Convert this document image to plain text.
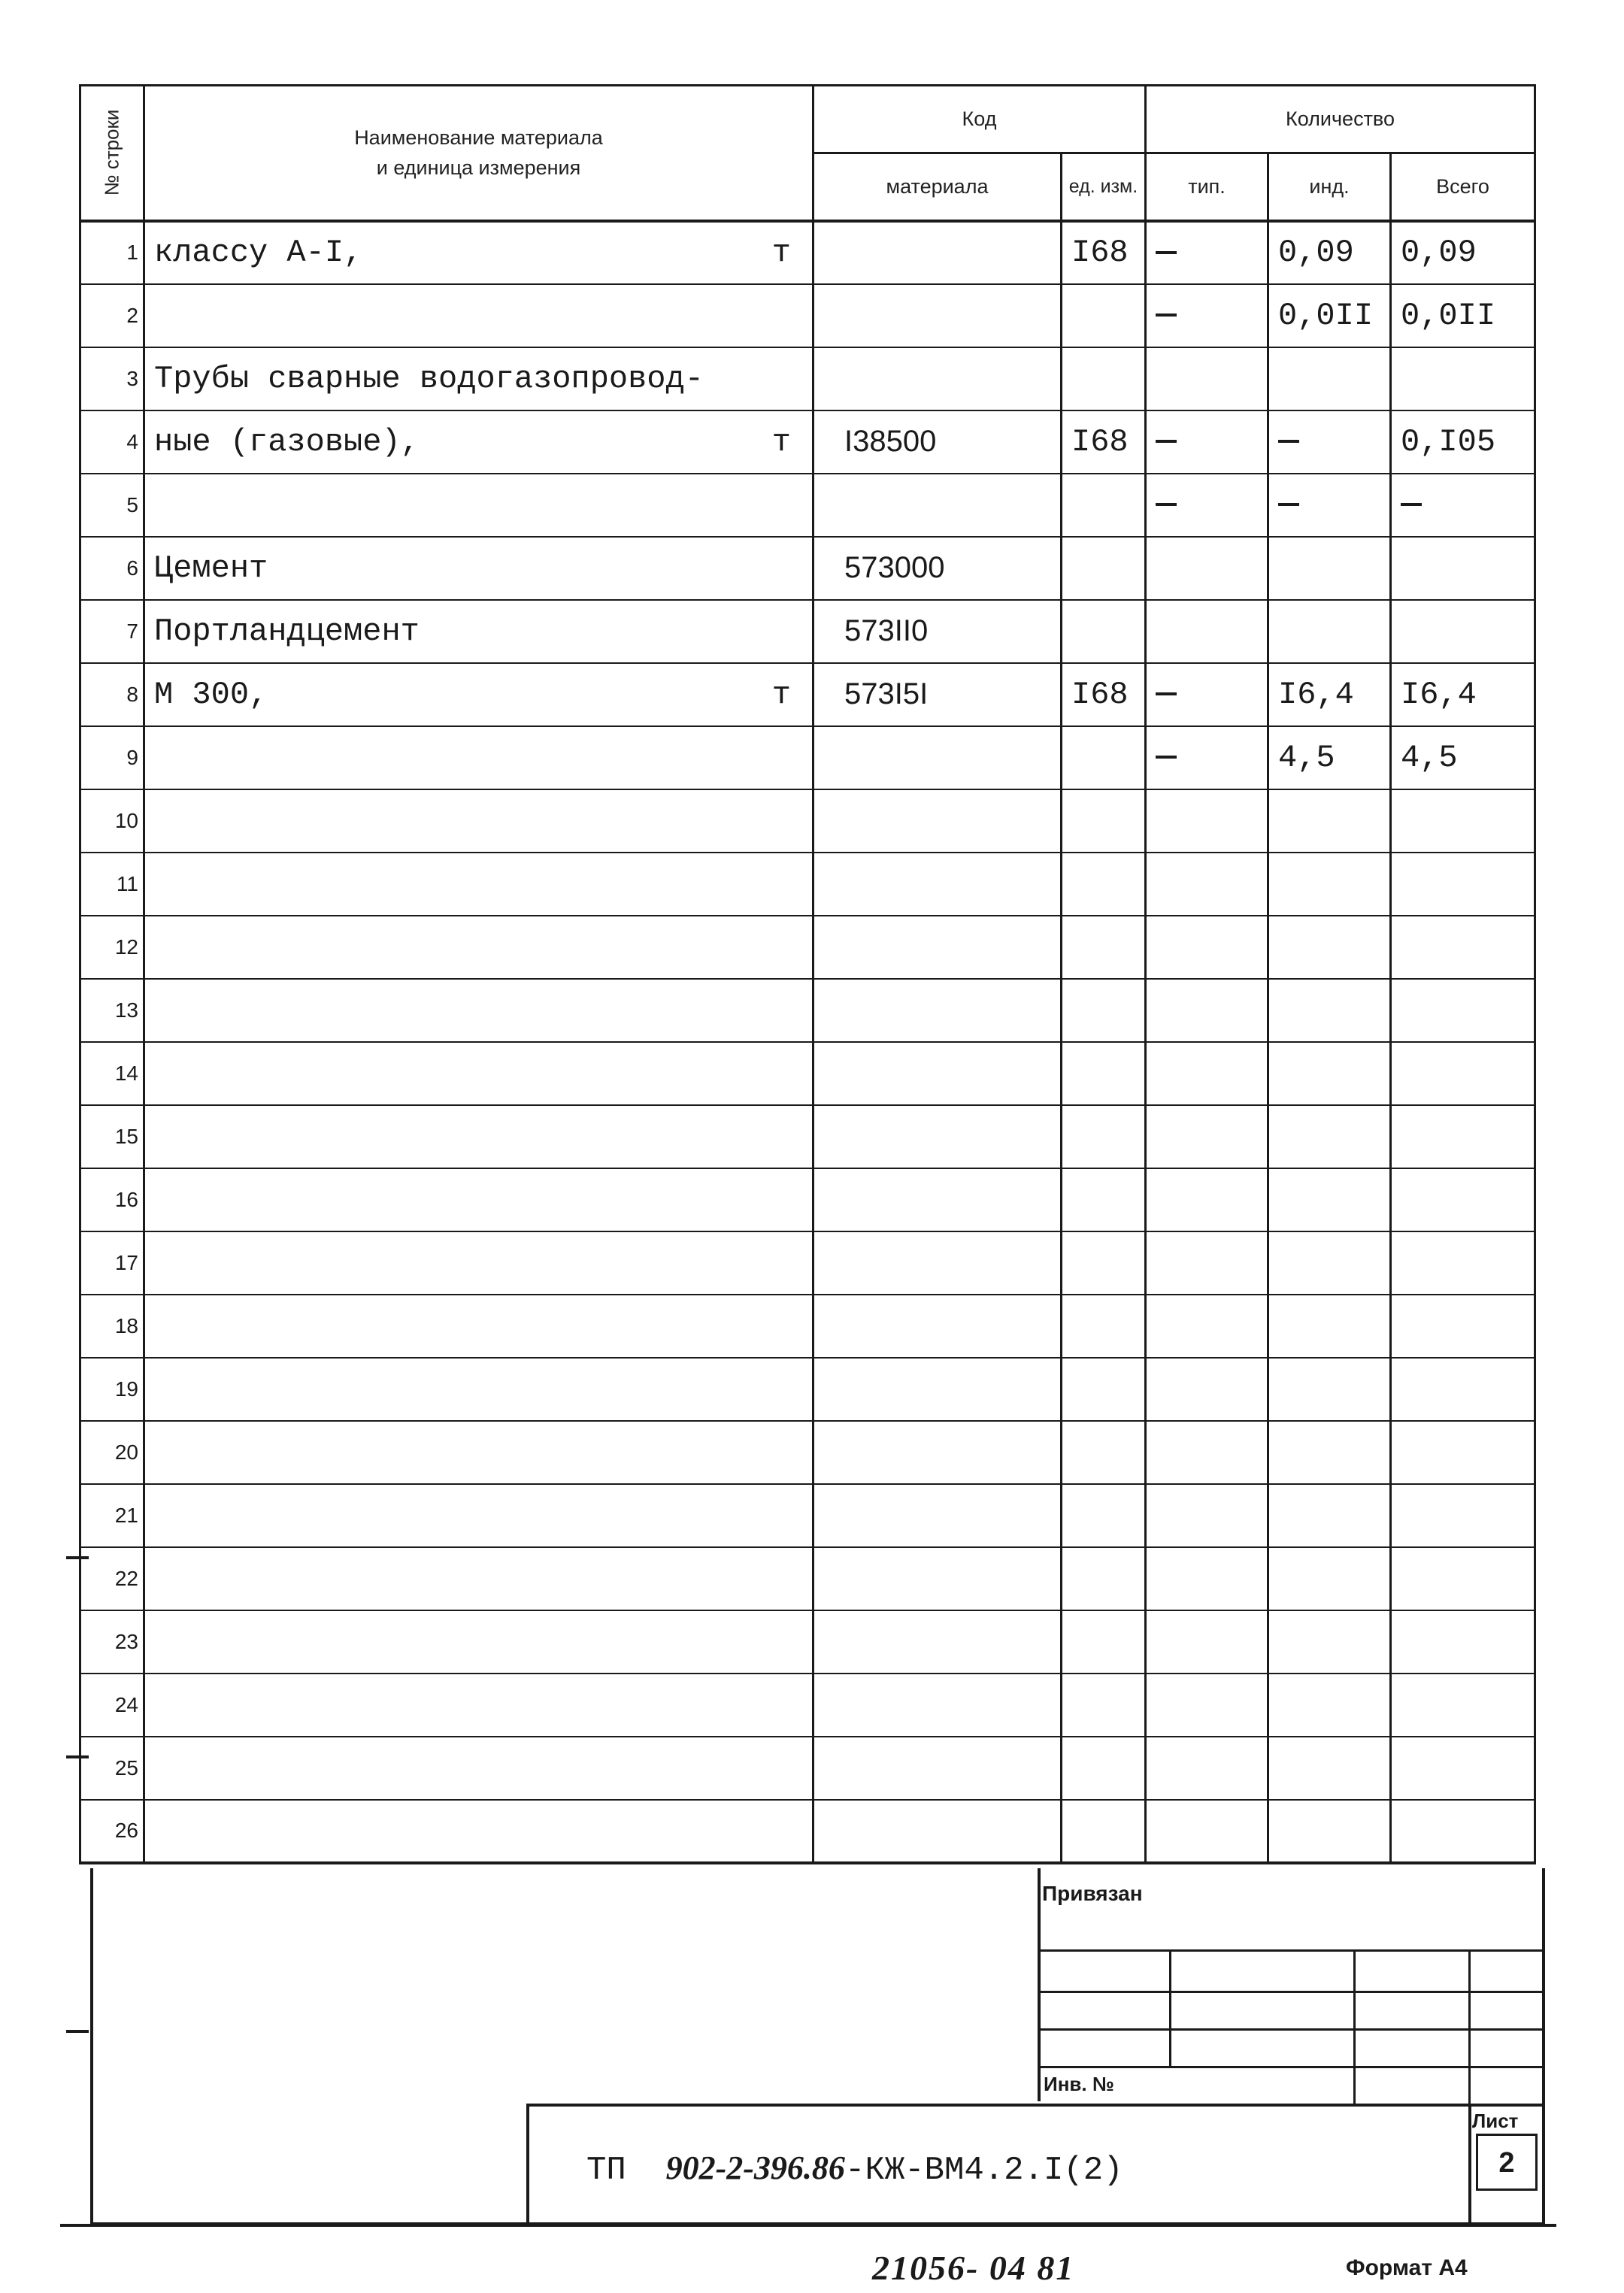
№ строки	Наименование материала
и единица измерения	Код		Количество		
		материала	ед. изм.	тип.	инд.	Всего
1	классу А-I, т		I68		0,09	0,09
2					0,0II	0,0II
3	Трубы сварные водогазопровод-					

4	ные (газовые), т	I38500	I68			0,I05
5	

6	Цемент	573000				
7	Портландцемент	573II0				
8	М 300, т	573I5I	I68		I6,4	I6,4
9					4,5	4,5
10	

11	

12	

13	

14	

15	

16	

17	

18	

19	

20	

21	

22	

23	

24	

25	

26	

Привязан
Инв. №
ТП 902-2-396.86-КЖ-ВМ4.2.I(2)
Лист
2
21056- 04 81	Формат А4
